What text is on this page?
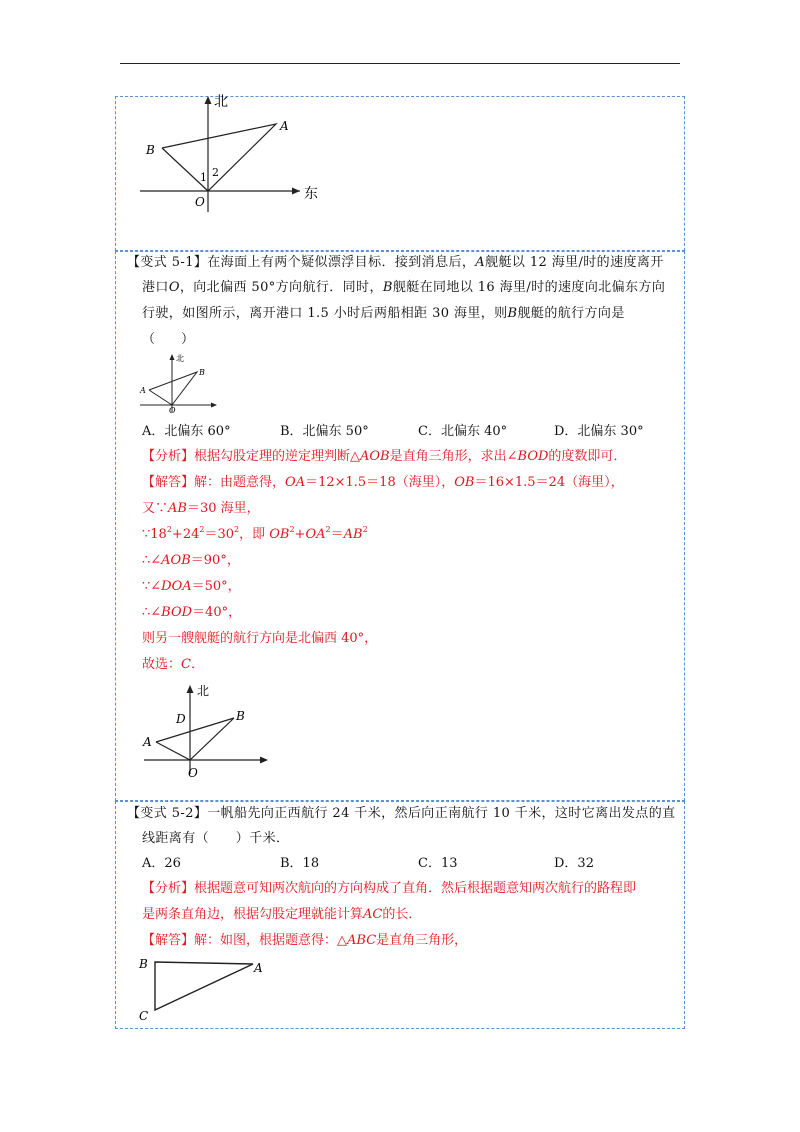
北
东
A
B
O
1 2
【变式 5-1】在海面上有两个疑似漂浮目标．接到消息后，A舰艇以 12 海里/时的速度离开
港口O，向北偏西 50°方向航行．同时，B舰艇在同地以 16 海里/时的速度向北偏东方向
行驶，如图所示，离开港口 1.5 小时后两船相距 30 海里，则B舰艇的航行方向是
（　　）
北
A
B
O
A．北偏东 60°	B．北偏东 50°	C．北偏东 40°	D．北偏东 30°
【分析】根据勾股定理的逆定理判断△AOB是直角三角形，求出∠BOD的度数即可．
【解答】解：由题意得，OA＝12×1.5＝18（海里），OB＝16×1.5＝24（海里），
又∵AB＝30 海里，
$\because 18^2+24^2=30^2$，即 $OB^2+OA^2=AB^2$
∴∠AOB＝90°，
∵∠DOA＝50°，
∴∠BOD＝40°，
则另一艘舰艇的航行方向是北偏西 40°，
故选：C．
北
A
B
D
O
【变式 5-2】一帆船先向正西航行 24 千米，然后向正南航行 10 千米，这时它离出发点的直
线距离有（　　）千米．
A．26	B．18	C．13	D．32
【分析】根据题意可知两次航向的方向构成了直角．然后根据题意知两次航行的路程即
是两条直角边，根据勾股定理就能计算AC的长．
【解答】解：如图，根据题意得：△ABC是直角三角形，
B	A
C
